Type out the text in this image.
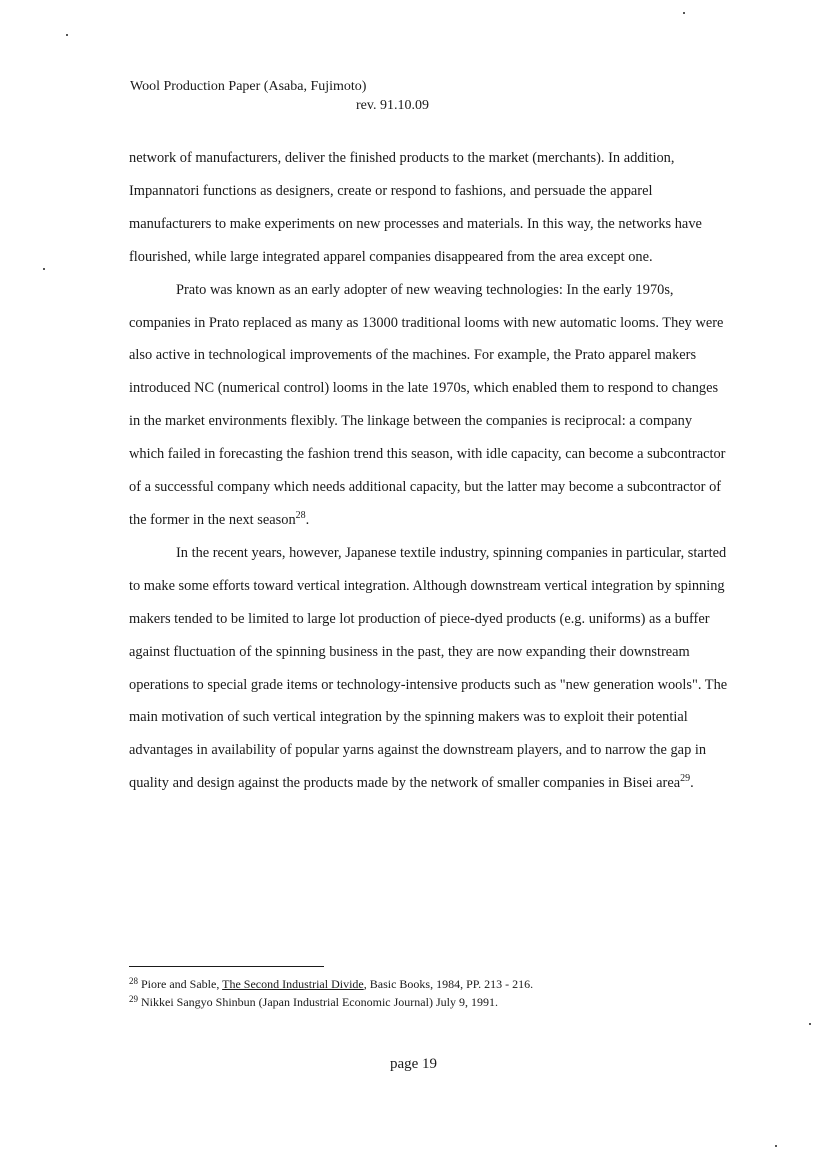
Wool Production Paper (Asaba, Fujimoto)
rev. 91.10.09

network of manufacturers, deliver the finished products to the market (merchants). In addition, Impannatori functions as designers, create or respond to fashions, and persuade the apparel manufacturers to make experiments on new processes and materials. In this way, the networks have flourished, while large integrated apparel companies disappeared from the area except one.

Prato was known as an early adopter of new weaving technologies: In the early 1970s, companies in Prato replaced as many as 13000 traditional looms with new automatic looms. They were also active in technological improvements of the machines. For example, the Prato apparel makers introduced NC (numerical control) looms in the late 1970s, which enabled them to respond to changes in the market environments flexibly. The linkage between the companies is reciprocal: a company which failed in forecasting the fashion trend this season, with idle capacity, can become a subcontractor of a successful company which needs additional capacity, but the latter may become a subcontractor of the former in the next season$^{28}$.

In the recent years, however, Japanese textile industry, spinning companies in particular, started to make some efforts toward vertical integration. Although downstream vertical integration by spinning makers tended to be limited to large lot production of piece-dyed products (e.g. uniforms) as a buffer against fluctuation of the spinning business in the past, they are now expanding their downstream operations to special grade items or technology-intensive products such as "new generation wools". The main motivation of such vertical integration by the spinning makers was to exploit their potential advantages in availability of popular yarns against the downstream players, and to narrow the gap in quality and design against the products made by the network of smaller companies in Bisei area$^{29}$.

$^{28}$ Piore and Sable, The Second Industrial Divide, Basic Books, 1984, PP. 213 - 216.
$^{29}$ Nikkei Sangyo Shinbun (Japan Industrial Economic Journal) July 9, 1991.
page 19
